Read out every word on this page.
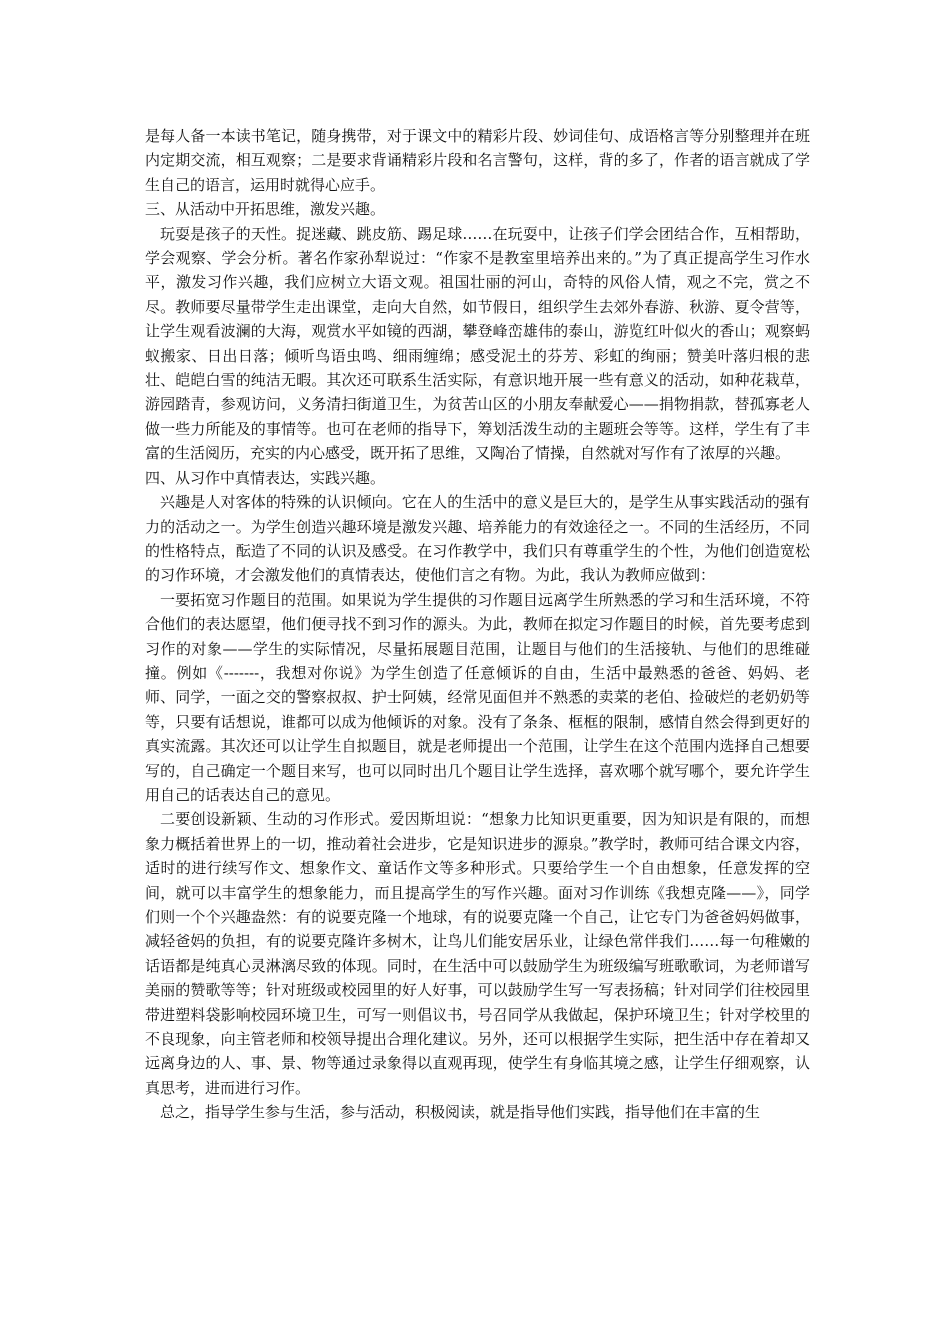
是每人备一本读书笔记，随身携带，对于课文中的精彩片段、妙词佳句、成语格言等分别整理并在班内定期交流，相互观察；二是要求背诵精彩片段和名言警句，这样，背的多了，作者的语言就成了学生自己的语言，运用时就得心应手。

三、从活动中开拓思维，激发兴趣。

玩耍是孩子的天性。捉迷藏、跳皮筋、踢足球……在玩耍中，让孩子们学会团结合作，互相帮助，学会观察、学会分析。著名作家孙犁说过：“作家不是教室里培养出来的。”为了真正提高学生习作水平，激发习作兴趣，我们应树立大语文观。祖国壮丽的河山，奇特的风俗人情，观之不完，赏之不尽。教师要尽量带学生走出课堂，走向大自然，如节假日，组织学生去郊外春游、秋游、夏令营等，让学生观看波澜的大海，观赏水平如镜的西湖，攀登峰峦雄伟的泰山，游览红叶似火的香山；观察蚂蚁搬家、日出日落；倾听鸟语虫鸣、细雨缠绵；感受泥土的芬芳、彩虹的绚丽；赞美叶落归根的悲壮、皑皑白雪的纯洁无暇。其次还可联系生活实际，有意识地开展一些有意义的活动，如种花栽草，游园踏青，参观访问，义务清扫街道卫生，为贫苦山区的小朋友奉献爱心——捐物捐款，替孤寡老人做一些力所能及的事情等。也可在老师的指导下，筹划活泼生动的主题班会等等。这样，学生有了丰富的生活阅历，充实的内心感受，既开拓了思维，又陶冶了情操，自然就对写作有了浓厚的兴趣。

四、从习作中真情表达，实践兴趣。

兴趣是人对客体的特殊的认识倾向。它在人的生活中的意义是巨大的，是学生从事实践活动的强有力的活动之一。为学生创造兴趣环境是激发兴趣、培养能力的有效途径之一。不同的生活经历，不同的性格特点，酝造了不同的认识及感受。在习作教学中，我们只有尊重学生的个性，为他们创造宽松的习作环境，才会激发他们的真情表达，使他们言之有物。为此，我认为教师应做到：

一要拓宽习作题目的范围。如果说为学生提供的习作题目远离学生所熟悉的学习和生活环境，不符合他们的表达愿望，他们便寻找不到习作的源头。为此，教师在拟定习作题目的时候，首先要考虑到习作的对象——学生的实际情况，尽量拓展题目范围，让题目与他们的生活接轨、与他们的思维碰撞。例如《-------，我想对你说》为学生创造了任意倾诉的自由，生活中最熟悉的爸爸、妈妈、老师、同学，一面之交的警察叔叔、护士阿姨，经常见面但并不熟悉的卖菜的老伯、捡破烂的老奶奶等等，只要有话想说，谁都可以成为他倾诉的对象。没有了条条、框框的限制，感情自然会得到更好的真实流露。其次还可以让学生自拟题目，就是老师提出一个范围，让学生在这个范围内选择自己想要写的，自己确定一个题目来写，也可以同时出几个题目让学生选择，喜欢哪个就写哪个，要允许学生用自己的话表达自己的意见。

二要创设新颖、生动的习作形式。爱因斯坦说：“想象力比知识更重要，因为知识是有限的，而想象力概括着世界上的一切，推动着社会进步，它是知识进步的源泉。”教学时，教师可结合课文内容，适时的进行续写作文、想象作文、童话作文等多种形式。只要给学生一个自由想象，任意发挥的空间，就可以丰富学生的想象能力，而且提高学生的写作兴趣。面对习作训练《我想克隆——》，同学们则一个个兴趣盎然：有的说要克隆一个地球，有的说要克隆一个自己，让它专门为爸爸妈妈做事，减轻爸妈的负担，有的说要克隆许多树木，让鸟儿们能安居乐业，让绿色常伴我们……每一句稚嫩的话语都是纯真心灵淋漓尽致的体现。同时，在生活中可以鼓励学生为班级编写班歌歌词，为老师谱写美丽的赞歌等等；针对班级或校园里的好人好事，可以鼓励学生写一写表扬稿；针对同学们往校园里带进塑料袋影响校园环境卫生，可写一则倡议书，号召同学从我做起，保护环境卫生；针对学校里的不良现象，向主管老师和校领导提出合理化建议。另外，还可以根据学生实际，把生活中存在着却又远离身边的人、事、景、物等通过录象得以直观再现，使学生有身临其境之感，让学生仔细观察，认真思考，进而进行习作。

总之，指导学生参与生活，参与活动，积极阅读，就是指导他们实践，指导他们在丰富的生
